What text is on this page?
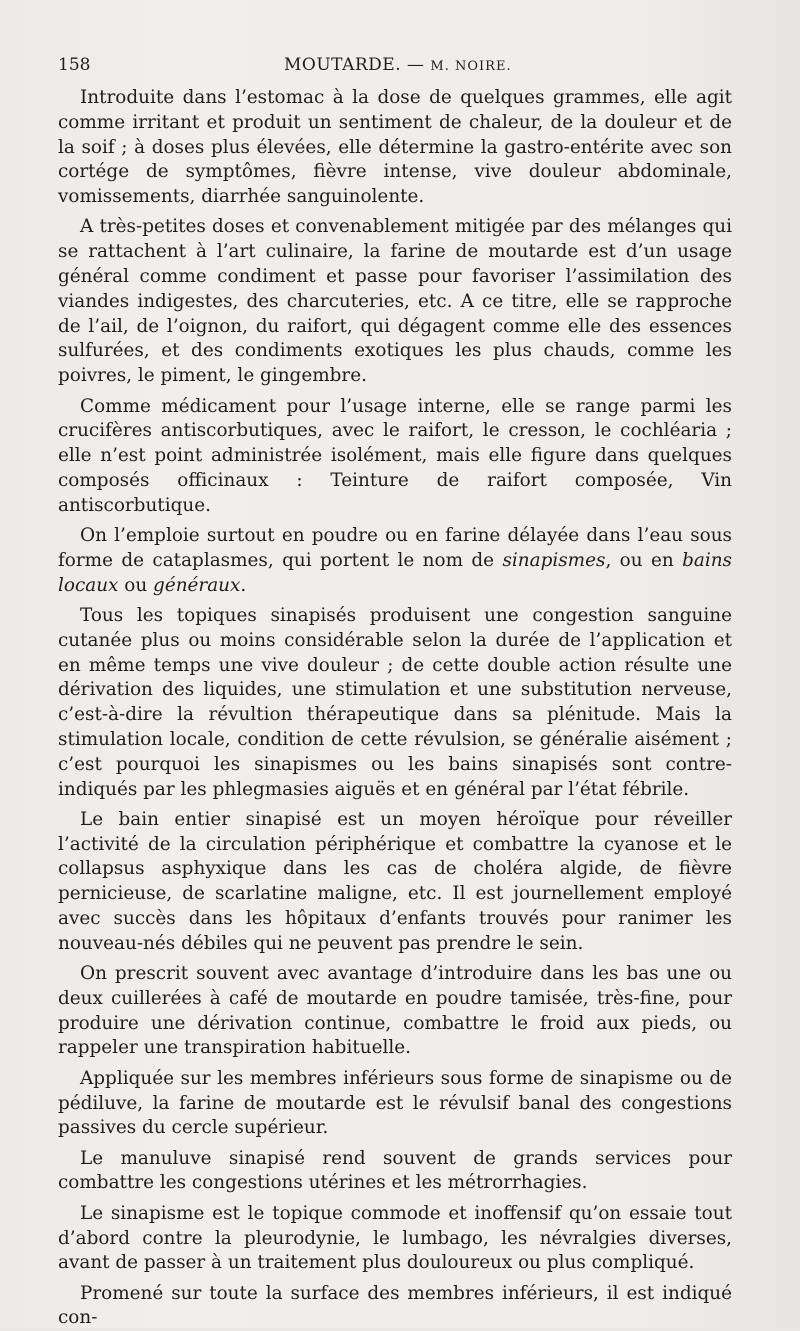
158	MOUTARDE. — M. NOIRE.

Introduite dans l’estomac à la dose de quelques grammes, elle agit comme irritant et produit un sentiment de chaleur, de la douleur et de la soif ; à doses plus élevées, elle détermine la gastro-entérite avec son cortége de symptômes, fièvre intense, vive douleur abdominale, vomissements, diarrhée sanguinolente.

A très-petites doses et convenablement mitigée par des mélanges qui se rattachent à l’art culinaire, la farine de moutarde est d’un usage général comme condiment et passe pour favoriser l’assimilation des viandes indigestes, des charcuteries, etc. A ce titre, elle se rapproche de l’ail, de l’oignon, du raifort, qui dégagent comme elle des essences sulfurées, et des condiments exotiques les plus chauds, comme les poivres, le piment, le gingembre.

Comme médicament pour l’usage interne, elle se range parmi les crucifères antiscorbutiques, avec le raifort, le cresson, le cochléaria ; elle n’est point administrée isolément, mais elle figure dans quelques composés officinaux : Teinture de raifort composée, Vin antiscorbutique.

On l’emploie surtout en poudre ou en farine délayée dans l’eau sous forme de cataplasmes, qui portent le nom de sinapismes, ou en bains locaux ou généraux.

Tous les topiques sinapisés produisent une congestion sanguine cutanée plus ou moins considérable selon la durée de l’application et en même temps une vive douleur ; de cette double action résulte une dérivation des liquides, une stimulation et une substitution nerveuse, c’est-à-dire la révultion thérapeutique dans sa plénitude. Mais la stimulation locale, condition de cette révulsion, se généralie aisément ; c’est pourquoi les sinapismes ou les bains sinapisés sont contre-indiqués par les phlegmasies aiguës et en général par l’état fébrile.

Le bain entier sinapisé est un moyen héroïque pour réveiller l’activité de la circulation périphérique et combattre la cyanose et le collapsus asphyxique dans les cas de choléra algide, de fièvre pernicieuse, de scarlatine maligne, etc. Il est journellement employé avec succès dans les hôpitaux d’enfants trouvés pour ranimer les nouveau-nés débiles qui ne peuvent pas prendre le sein.

On prescrit souvent avec avantage d’introduire dans les bas une ou deux cuillerées à café de moutarde en poudre tamisée, très-fine, pour produire une dérivation continue, combattre le froid aux pieds, ou rappeler une transpiration habituelle.

Appliquée sur les membres inférieurs sous forme de sinapisme ou de pédiluve, la farine de moutarde est le révulsif banal des congestions passives du cercle supérieur.

Le manuluve sinapisé rend souvent de grands services pour combattre les congestions utérines et les métrorrhagies.

Le sinapisme est le topique commode et inoffensif qu’on essaie tout d’abord contre la pleurodynie, le lumbago, les névralgies diverses, avant de passer à un traitement plus douloureux ou plus compliqué.

Promené sur toute la surface des membres inférieurs, il est indiqué con-
